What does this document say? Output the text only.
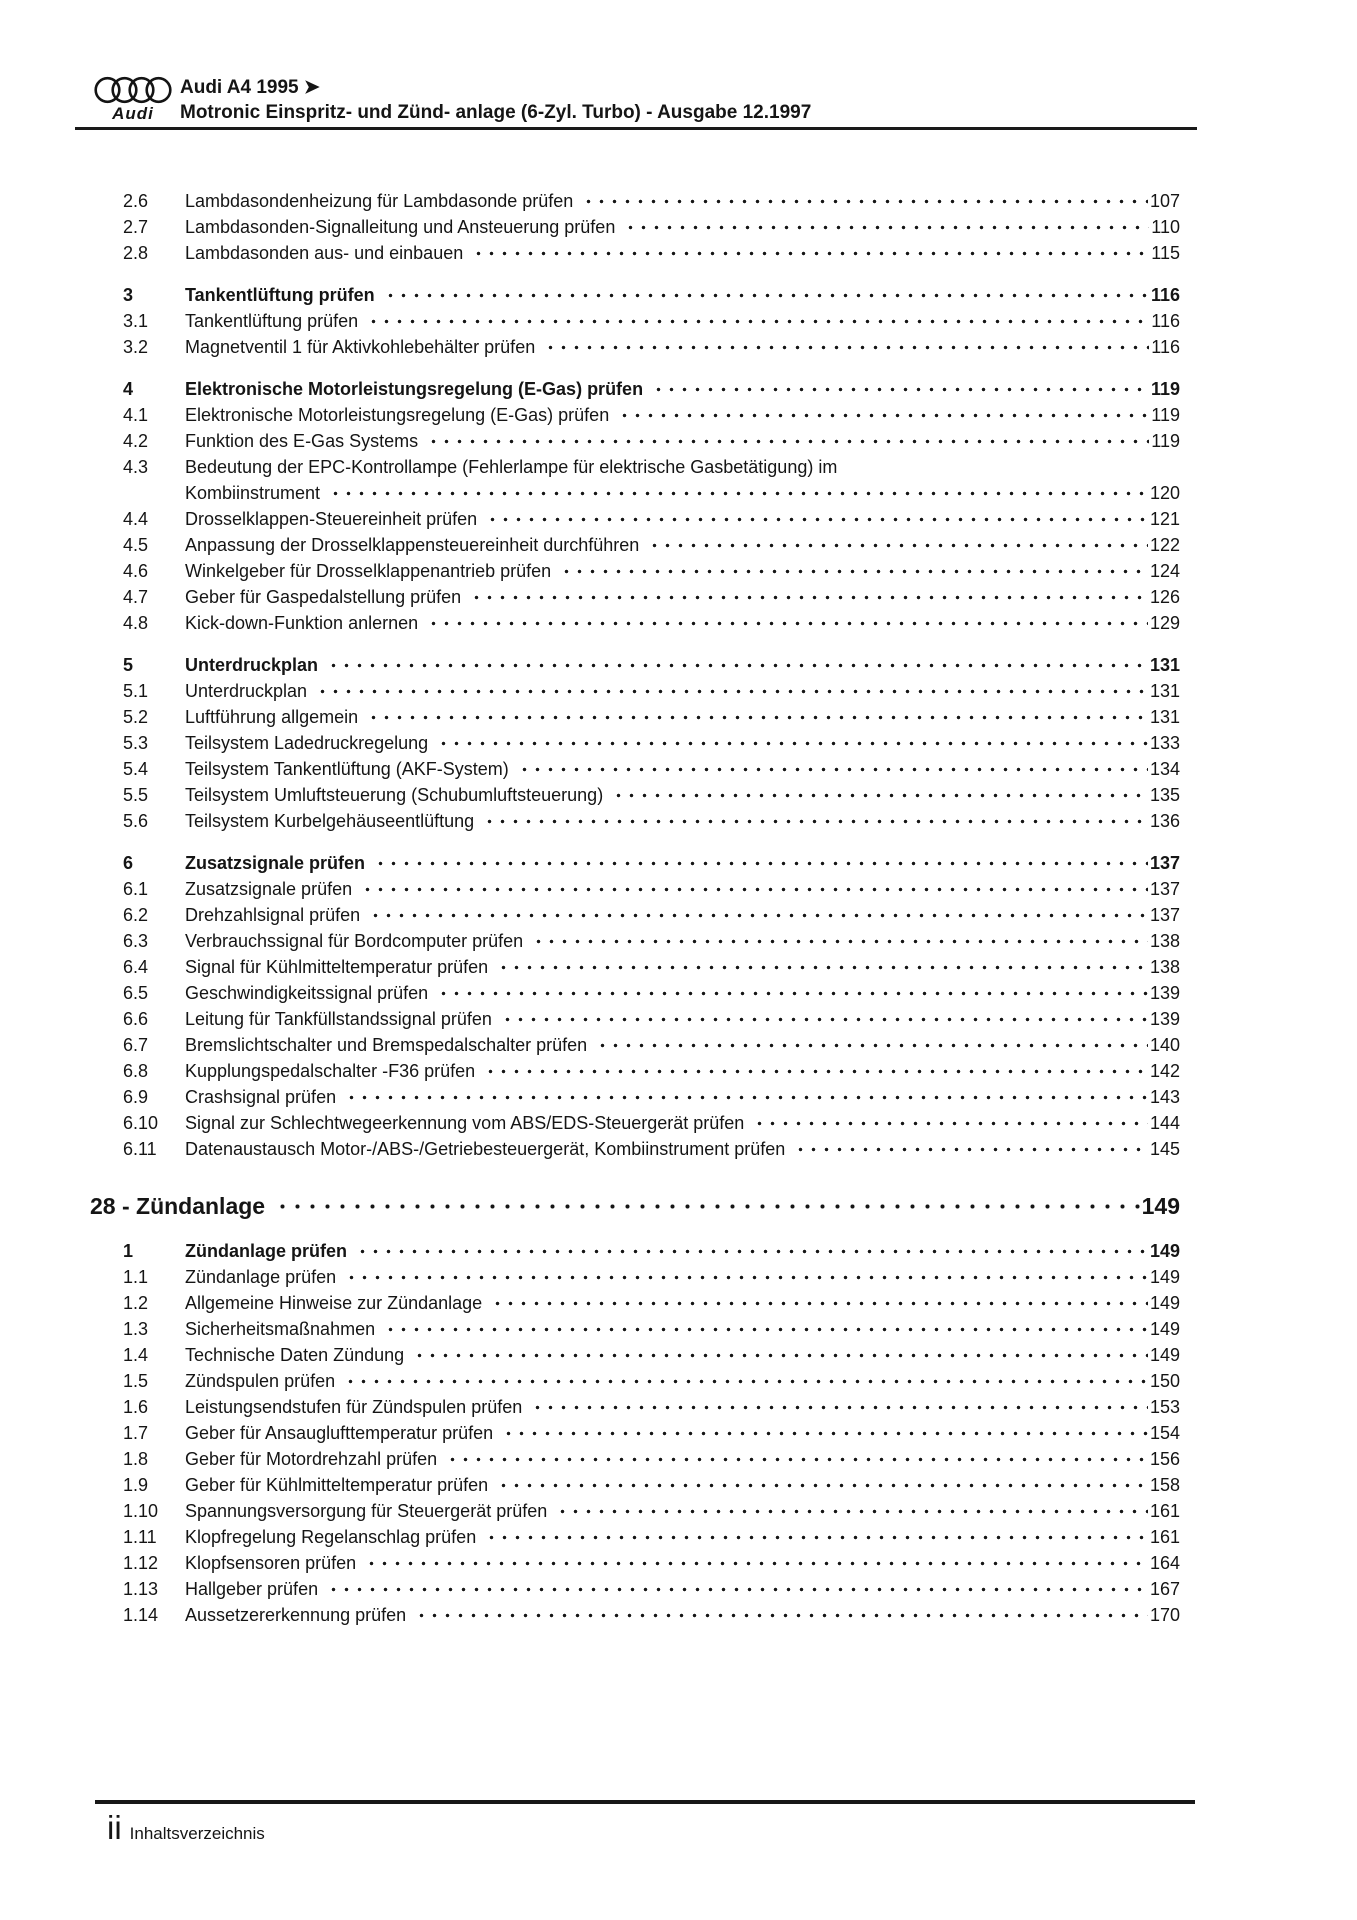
Audi
Audi A4 1995 ➤
Motronic Einspritz- und Zünd- anlage (6-Zyl. Turbo) - Ausgabe 12.1997
2.6	Lambdasondenheizung für Lambdasonde prüfen	107
2.7	Lambdasonden-Signalleitung und Ansteuerung prüfen	110
2.8	Lambdasonden aus- und einbauen	115
3	Tankentlüftung prüfen	116
3.1	Tankentlüftung prüfen	116
3.2	Magnetventil 1 für Aktivkohlebehälter prüfen	116
4	Elektronische Motorleistungsregelung (E-Gas) prüfen	119
4.1	Elektronische Motorleistungsregelung (E-Gas) prüfen	119
4.2	Funktion des E-Gas Systems	119
4.3	Bedeutung der EPC-Kontrollampe (Fehlerlampe für elektrische Gasbetätigung) im
Kombiinstrument	120
4.4	Drosselklappen-Steuereinheit prüfen	121
4.5	Anpassung der Drosselklappensteuereinheit durchführen	122
4.6	Winkelgeber für Drosselklappenantrieb prüfen	124
4.7	Geber für Gaspedalstellung prüfen	126
4.8	Kick-down-Funktion anlernen	129
5	Unterdruckplan	131
5.1	Unterdruckplan	131
5.2	Luftführung allgemein	131
5.3	Teilsystem Ladedruckregelung	133
5.4	Teilsystem Tankentlüftung (AKF-System)	134
5.5	Teilsystem Umluftsteuerung (Schubumluftsteuerung)	135
5.6	Teilsystem Kurbelgehäuseentlüftung	136
6	Zusatzsignale prüfen	137
6.1	Zusatzsignale prüfen	137
6.2	Drehzahlsignal prüfen	137
6.3	Verbrauchssignal für Bordcomputer prüfen	138
6.4	Signal für Kühlmitteltemperatur prüfen	138
6.5	Geschwindigkeitssignal prüfen	139
6.6	Leitung für Tankfüllstandssignal prüfen	139
6.7	Bremslichtschalter und Bremspedalschalter prüfen	140
6.8	Kupplungspedalschalter -F36 prüfen	142
6.9	Crashsignal prüfen	143
6.10	Signal zur Schlechtwegeerkennung vom ABS/EDS-Steuergerät prüfen	144
6.11	Datenaustausch Motor-/ABS-/Getriebesteuergerät, Kombiinstrument prüfen	145
28 - Zündanlage	149
1	Zündanlage prüfen	149
1.1	Zündanlage prüfen	149
1.2	Allgemeine Hinweise zur Zündanlage	149
1.3	Sicherheitsmaßnahmen	149
1.4	Technische Daten Zündung	149
1.5	Zündspulen prüfen	150
1.6	Leistungsendstufen für Zündspulen prüfen	153
1.7	Geber für Ansauglufttemperatur prüfen	154
1.8	Geber für Motordrehzahl prüfen	156
1.9	Geber für Kühlmitteltemperatur prüfen	158
1.10	Spannungsversorgung für Steuergerät prüfen	161
1.11	Klopfregelung Regelanschlag prüfen	161
1.12	Klopfsensoren prüfen	164
1.13	Hallgeber prüfen	167
1.14	Aussetzererkennung prüfen	170
ii Inhaltsverzeichnis
